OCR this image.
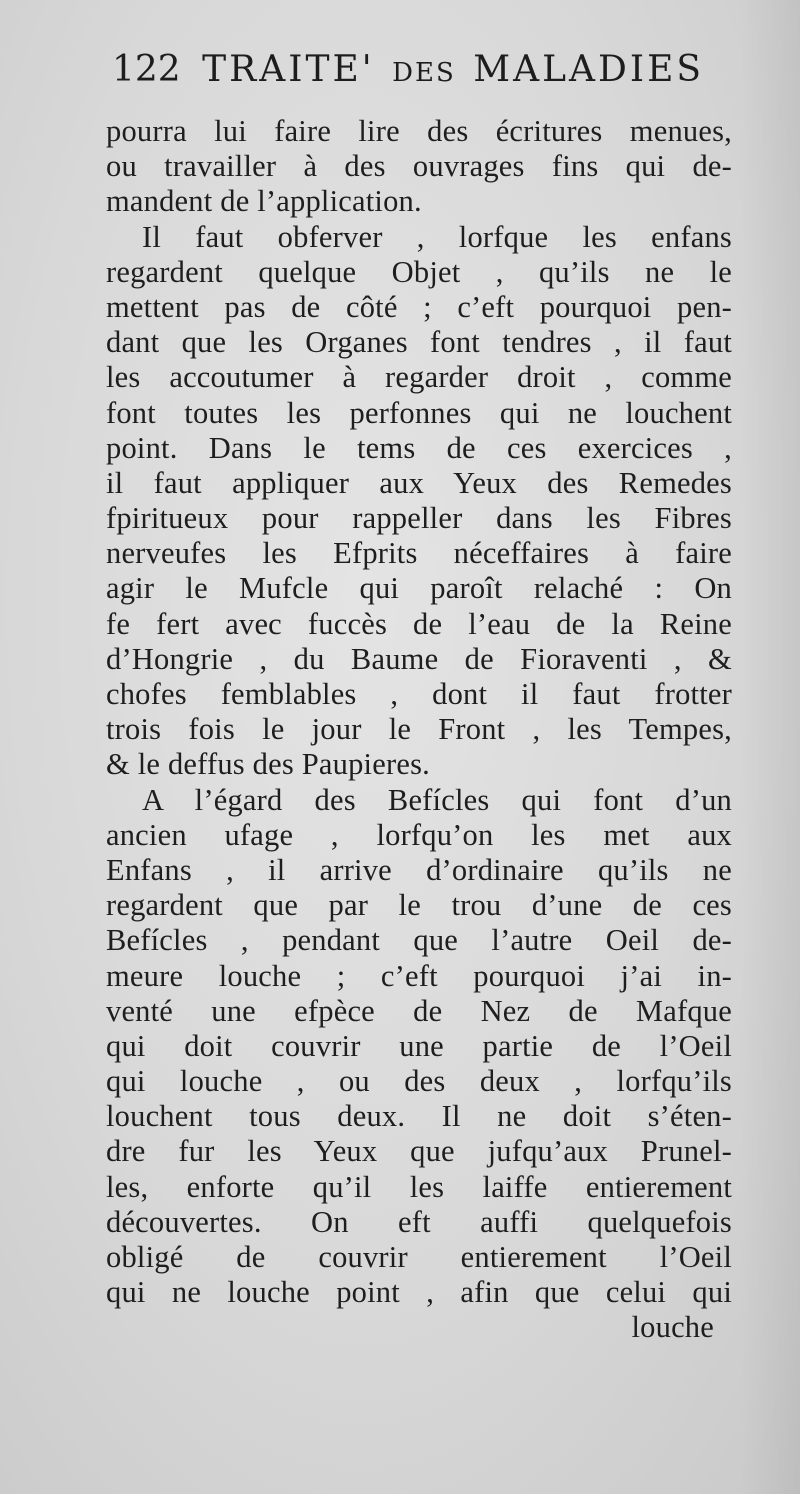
122 TRAITE' DES MALADIES
pourra lui faire lire des écritures menues,
ou travailler à des ouvrages fins qui de-
mandent de l’application.
Il faut obferver , lorfque les enfans
regardent quelque Objet , qu’ils ne le
mettent pas de côté ; c’eft pourquoi pen-
dant que les Organes font tendres , il faut
les accoutumer à regarder droit , comme
font toutes les perfonnes qui ne louchent
point. Dans le tems de ces exercices ,
il faut appliquer aux Yeux des Remedes
fpiritueux pour rappeller dans les Fibres
nerveufes les Efprits néceffaires à faire
agir le Mufcle qui paroît relaché : On
fe fert avec fuccès de l’eau de la Reine
d’Hongrie , du Baume de Fioraventi , &
chofes femblables , dont il faut frotter
trois fois le jour le Front , les Tempes,
& le deffus des Paupieres.
A l’égard des Befícles qui font d’un
ancien ufage , lorfqu’on les met aux
Enfans , il arrive d’ordinaire qu’ils ne
regardent que par le trou d’une de ces
Befícles , pendant que l’autre Oeil de-
meure louche ; c’eft pourquoi j’ai in-
venté une efpèce de Nez de Mafque
qui doit couvrir une partie de l’Oeil
qui louche , ou des deux , lorfqu’ils
louchent tous deux. Il ne doit s’éten-
dre fur les Yeux que jufqu’aux Prunel-
les, enforte qu’il les laiffe entierement
découvertes. On eft auffi quelquefois
obligé de couvrir entierement l’Oeil
qui ne louche point , afin que celui qui
louche
